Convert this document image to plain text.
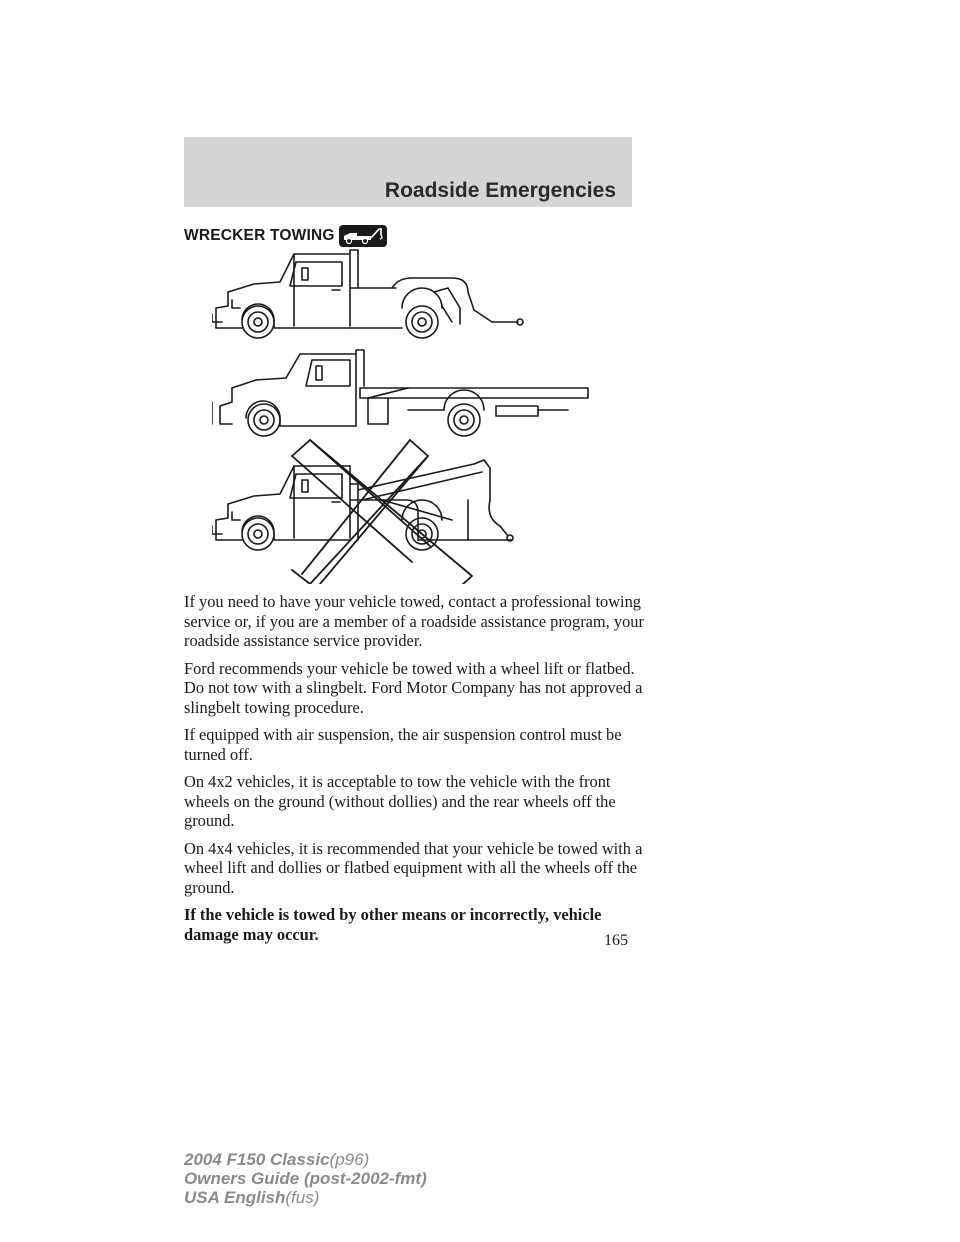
Roadside Emergencies
WRECKER TOWING

If you need to have your vehicle towed, contact a professional towing service or, if you are a member of a roadside assistance program, your roadside assistance service provider.

Ford recommends your vehicle be towed with a wheel lift or flatbed. Do not tow with a slingbelt. Ford Motor Company has not approved a slingbelt towing procedure.

If equipped with air suspension, the air suspension control must be turned off.

On 4x2 vehicles, it is acceptable to tow the vehicle with the front wheels on the ground (without dollies) and the rear wheels off the ground.

On 4x4 vehicles, it is recommended that your vehicle be towed with a wheel lift and dollies or flatbed equipment with all the wheels off the ground.

If the vehicle is towed by other means or incorrectly, vehicle damage may occur.	165
2004 F150 Classic(p96)
Owners Guide (post-2002-fmt)
USA English(fus)
